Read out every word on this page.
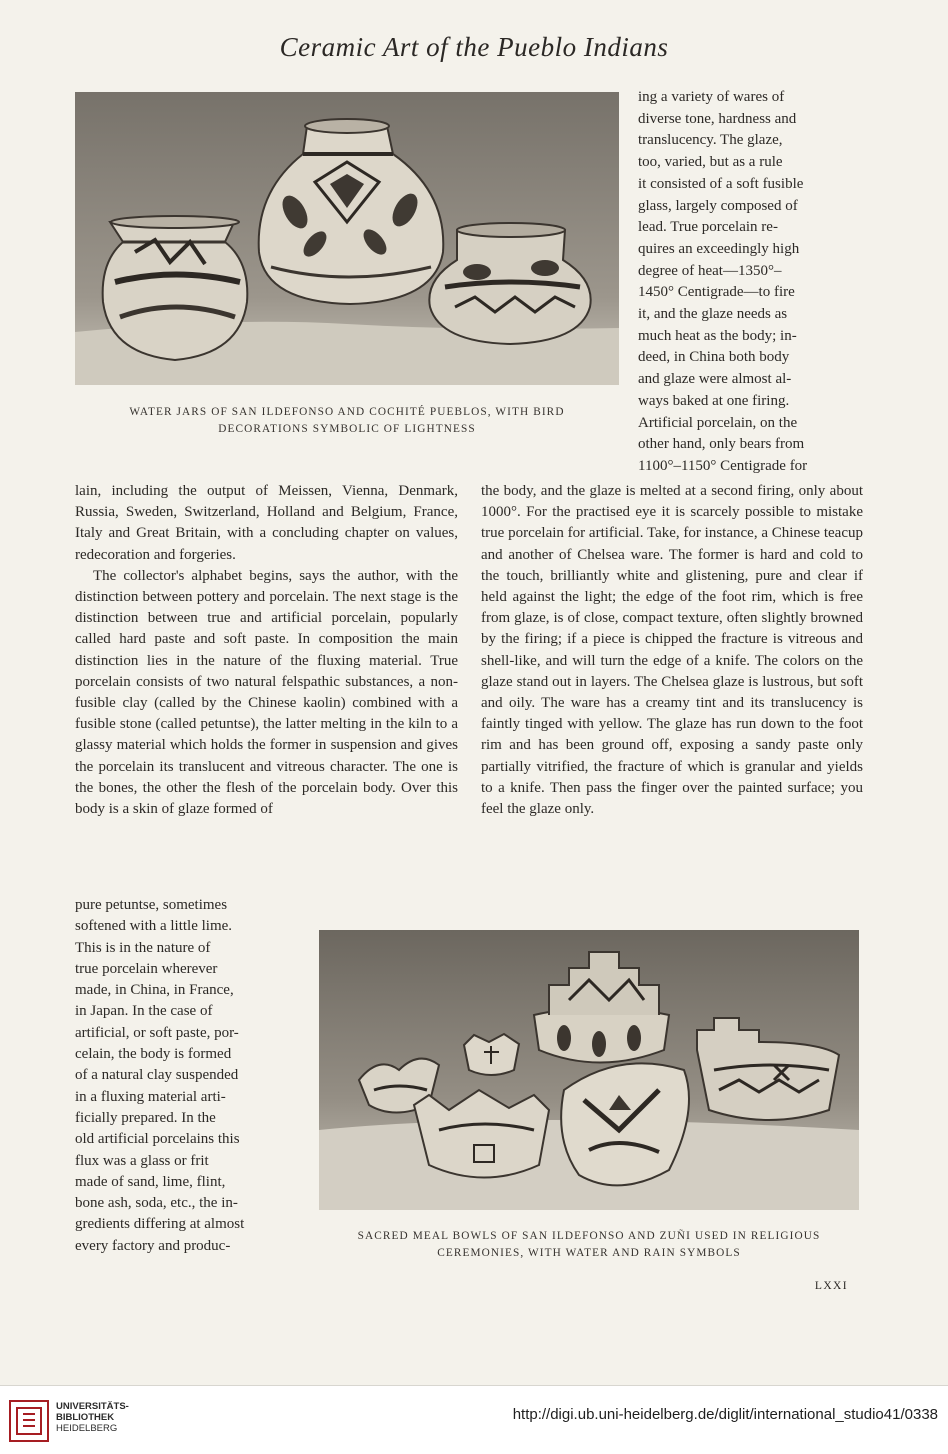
Ceramic Art of the Pueblo Indians
WATER JARS OF SAN ILDEFONSO AND COCHITÉ PUEBLOS, WITH BIRD
DECORATIONS SYMBOLIC OF LIGHTNESS

ing a variety of wares of

diverse tone, hardness and

translucency. The glaze,

too, varied, but as a rule

it consisted of a soft fusible

glass, largely composed of

lead. True porcelain re-

quires an exceedingly high

degree of heat—1350°–

1450° Centigrade—to fire

it, and the glaze needs as

much heat as the body; in-

deed, in China both body

and glaze were almost al-

ways baked at one firing.

Artificial porcelain, on the

other hand, only bears from

1100°–1150° Centigrade for

lain, including the output of Meissen, Vienna, Denmark, Russia, Sweden, Switzerland, Holland and Belgium, France, Italy and Great Britain, with a concluding chapter on values, redecoration and forgeries.

The collector's alphabet begins, says the author, with the distinction between pottery and porcelain. The next stage is the distinction between true and artificial porcelain, popularly called hard paste and soft paste. In composition the main distinction lies in the nature of the fluxing material. True porcelain consists of two natural felspathic substances, a non-fusible clay (called by the Chinese kaolin) combined with a fusible stone (called petuntse), the latter melting in the kiln to a glassy material which holds the former in suspension and gives the porcelain its translucent and vitreous character. The one is the bones, the other the flesh of the porcelain body. Over this body is a skin of glaze formed of

pure petuntse, sometimes

softened with a little lime.

This is in the nature of

true porcelain wherever

made, in China, in France,

in Japan. In the case of

artificial, or soft paste, por-

celain, the body is formed

of a natural clay suspended

in a fluxing material arti-

ficially prepared. In the

old artificial porcelains this

flux was a glass or frit

made of sand, lime, flint,

bone ash, soda, etc., the in-

gredients differing at almost

every factory and produc-

the body, and the glaze is melted at a second firing, only about 1000°. For the practised eye it is scarcely possible to mistake true porcelain for artificial. Take, for instance, a Chinese teacup and another of Chelsea ware. The former is hard and cold to the touch, brilliantly white and glistening, pure and clear if held against the light; the edge of the foot rim, which is free from glaze, is of close, compact texture, often slightly browned by the firing; if a piece is chipped the fracture is vitreous and shell-like, and will turn the edge of a knife. The colors on the glaze stand out in layers. The Chelsea glaze is lustrous, but soft and oily. The ware has a creamy tint and its translucency is faintly tinged with yellow. The glaze has run down to the foot rim and has been ground off, exposing a sandy paste only partially vitrified, the fracture of which is granular and yields to a knife. Then pass the finger over the painted surface; you feel the glaze only.

SACRED MEAL BOWLS OF SAN ILDEFONSO AND ZUÑI USED IN RELIGIOUS
CEREMONIES, WITH WATER AND RAIN SYMBOLS
LXXI
UNIVERSITÄTS-
BIBLIOTHEK
HEIDELBERG
http://digi.ub.uni-heidelberg.de/diglit/international_studio41/0338
